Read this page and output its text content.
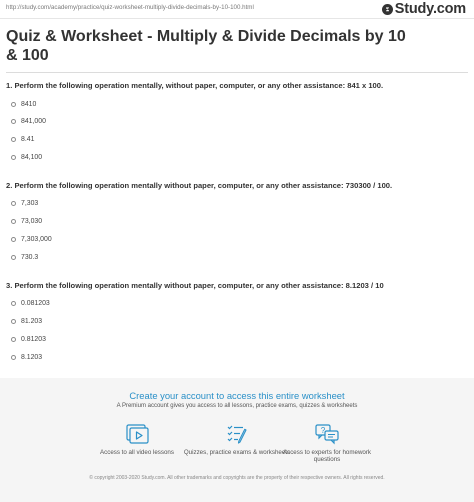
http://study.com/academy/practice/quiz-worksheet-multiply-divide-decimals-by-10-100.html	Study.com
Quiz & Worksheet - Multiply & Divide Decimals by 10 & 100
1. Perform the following operation mentally, without paper, computer, or any other assistance: 841 x 100.
8410
841,000
8.41
84,100
2. Perform the following operation mentally without paper, computer, or any other assistance: 730300 / 100.
7,303
73,030
7,303,000
730.3
3. Perform the following operation mentally without paper, computer, or any other assistance: 8.1203 / 10
0.081203
81.203
0.81203
8.1203
Create your account to access this entire worksheet
A Premium account gives you access to all lessons, practice exams, quizzes & worksheets
Access to all video lessons	Quizzes, practice exams & worksheets
?
Access to experts for homework questions
© copyright 2003-2020 Study.com. All other trademarks and copyrights are the property of their respective owners. All rights reserved.
